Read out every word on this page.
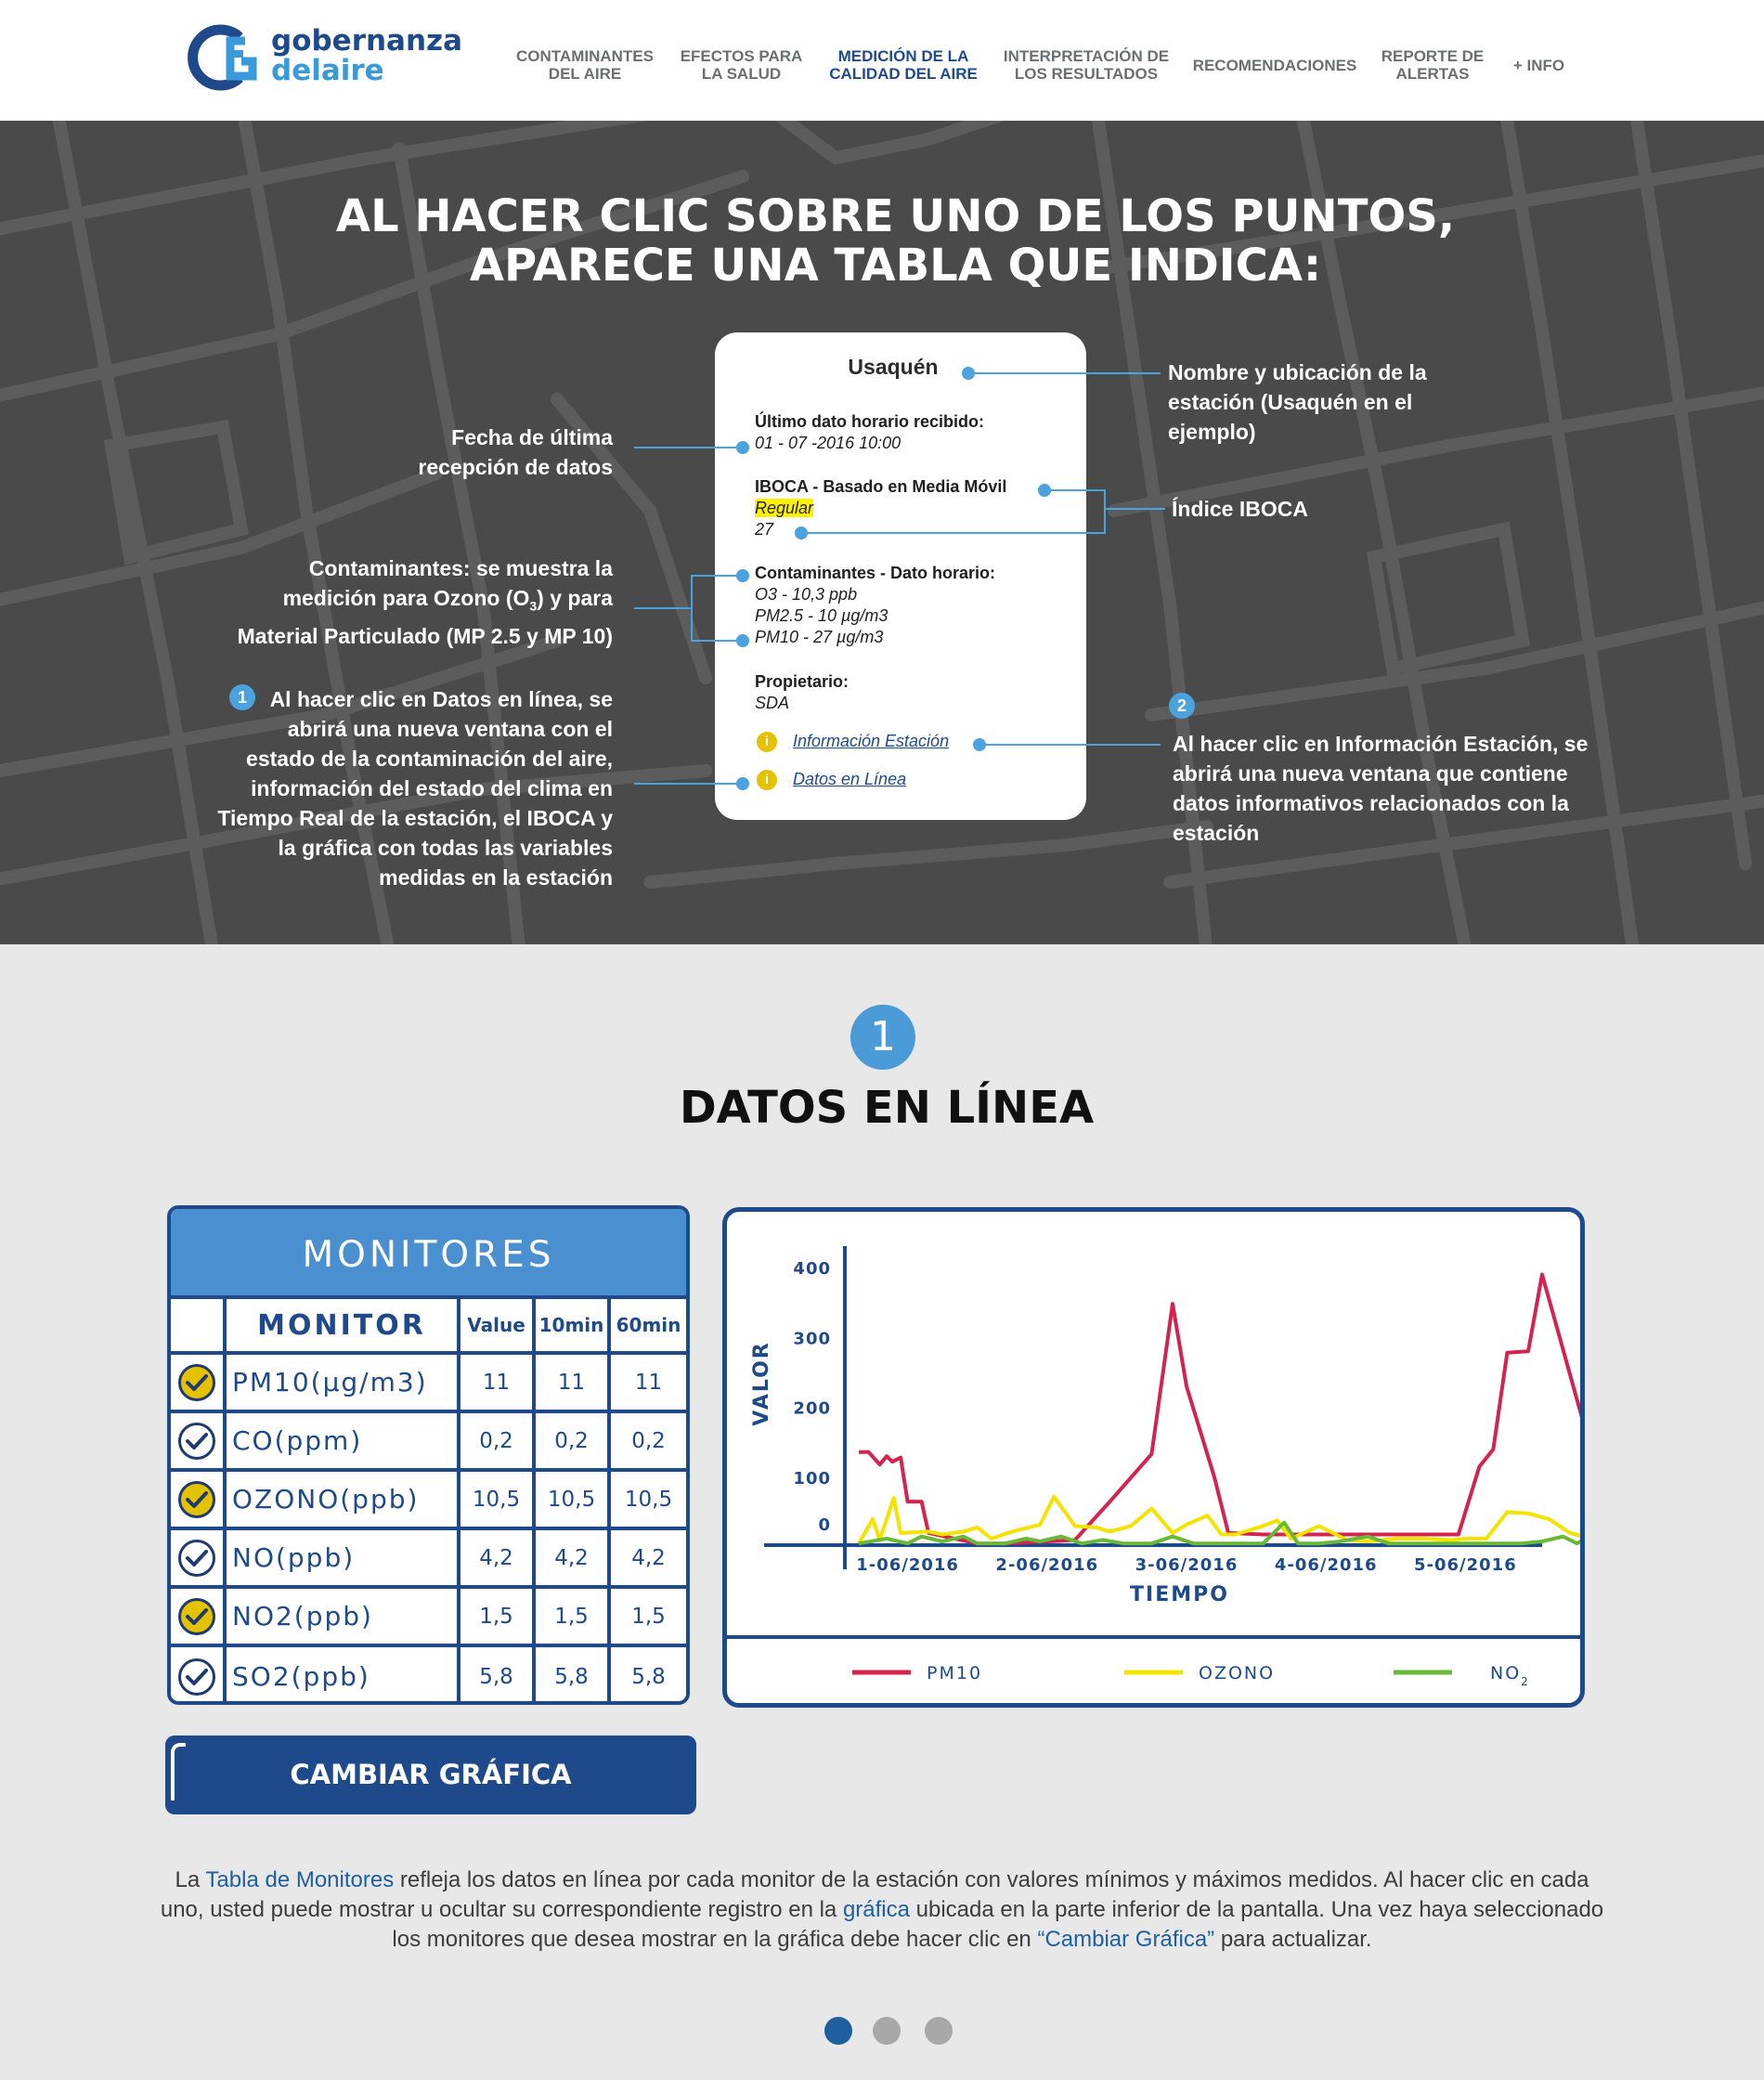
gobernanza
delaire	CONTAMINANTES DEL AIRE
EFECTOS PARA LA SALUD
MEDICIÓN DE LA CALIDAD DEL AIRE
INTERPRETACIÓN DE LOS RESULTADOS	RECOMENDACIONES	REPORTE DE ALERTAS	+ INFO
AL HACER CLIC SOBRE UNO DE LOS PUNTOS,
APARECE UNA TABLA QUE INDICA:
Usaquén
Último dato horario recibido:
01 - 07 -2016 10:00
IBOCA - Basado en Media Móvil
Regular
27
Contaminantes - Dato horario:
O3 - 10,3 ppb
PM2.5 - 10 µg/m3
PM10 - 27 µg/m3
Propietario:
SDA
i	Información Estación
i	Datos en Línea
Fecha de última
recepción de datos
Contaminantes: se muestra la
medición para Ozono $(O_3)$ y para
Material Particulado (MP 2.5 y MP 10)
1	Al hacer clic en Datos en línea, se
abrirá una nueva ventana con el
estado de la contaminación del aire,
información del estado del clima en
Tiempo Real de la estación, el IBOCA y
la gráfica con todas las variables
medidas en la estación
Nombre y ubicación de la
estación (Usaquén en el
ejemplo)
Índice IBOCA
2
Al hacer clic en Información Estación, se
abrirá una nueva ventana que contiene
datos informativos relacionados con la
estación
1
DATOS EN LÍNEA
MONITORES
MONITOR	Value 10min 60min
PM10(µg/m3)	11	11	11
CO(ppm)	0,2	0,2	0,2
OZONO(ppb)	10,5	10,5	10,5
NO(ppb)	4,2	4,2	4,2
NO2(ppb)	1,5	1,5	1,5
SO2(ppb)	5,8	5,8	5,8
CAMBIAR GRÁFICA
400
300
200
100
0
1-06/2016 2-06/2016 3-06/2016 4-06/2016 5-06/2016
TIEMPO
VALOR
PM10	OZONO	$NO_2$
La Tabla de Monitores refleja los datos en línea por cada monitor de la estación con valores mínimos y máximos medidos. Al hacer clic en cada uno, usted puede mostrar u ocultar su correspondiente registro en la gráfica ubicada en la parte inferior de la pantalla. Una vez haya seleccionado los monitores que desea mostrar en la gráfica debe hacer clic en “Cambiar Gráfica” para actualizar.
